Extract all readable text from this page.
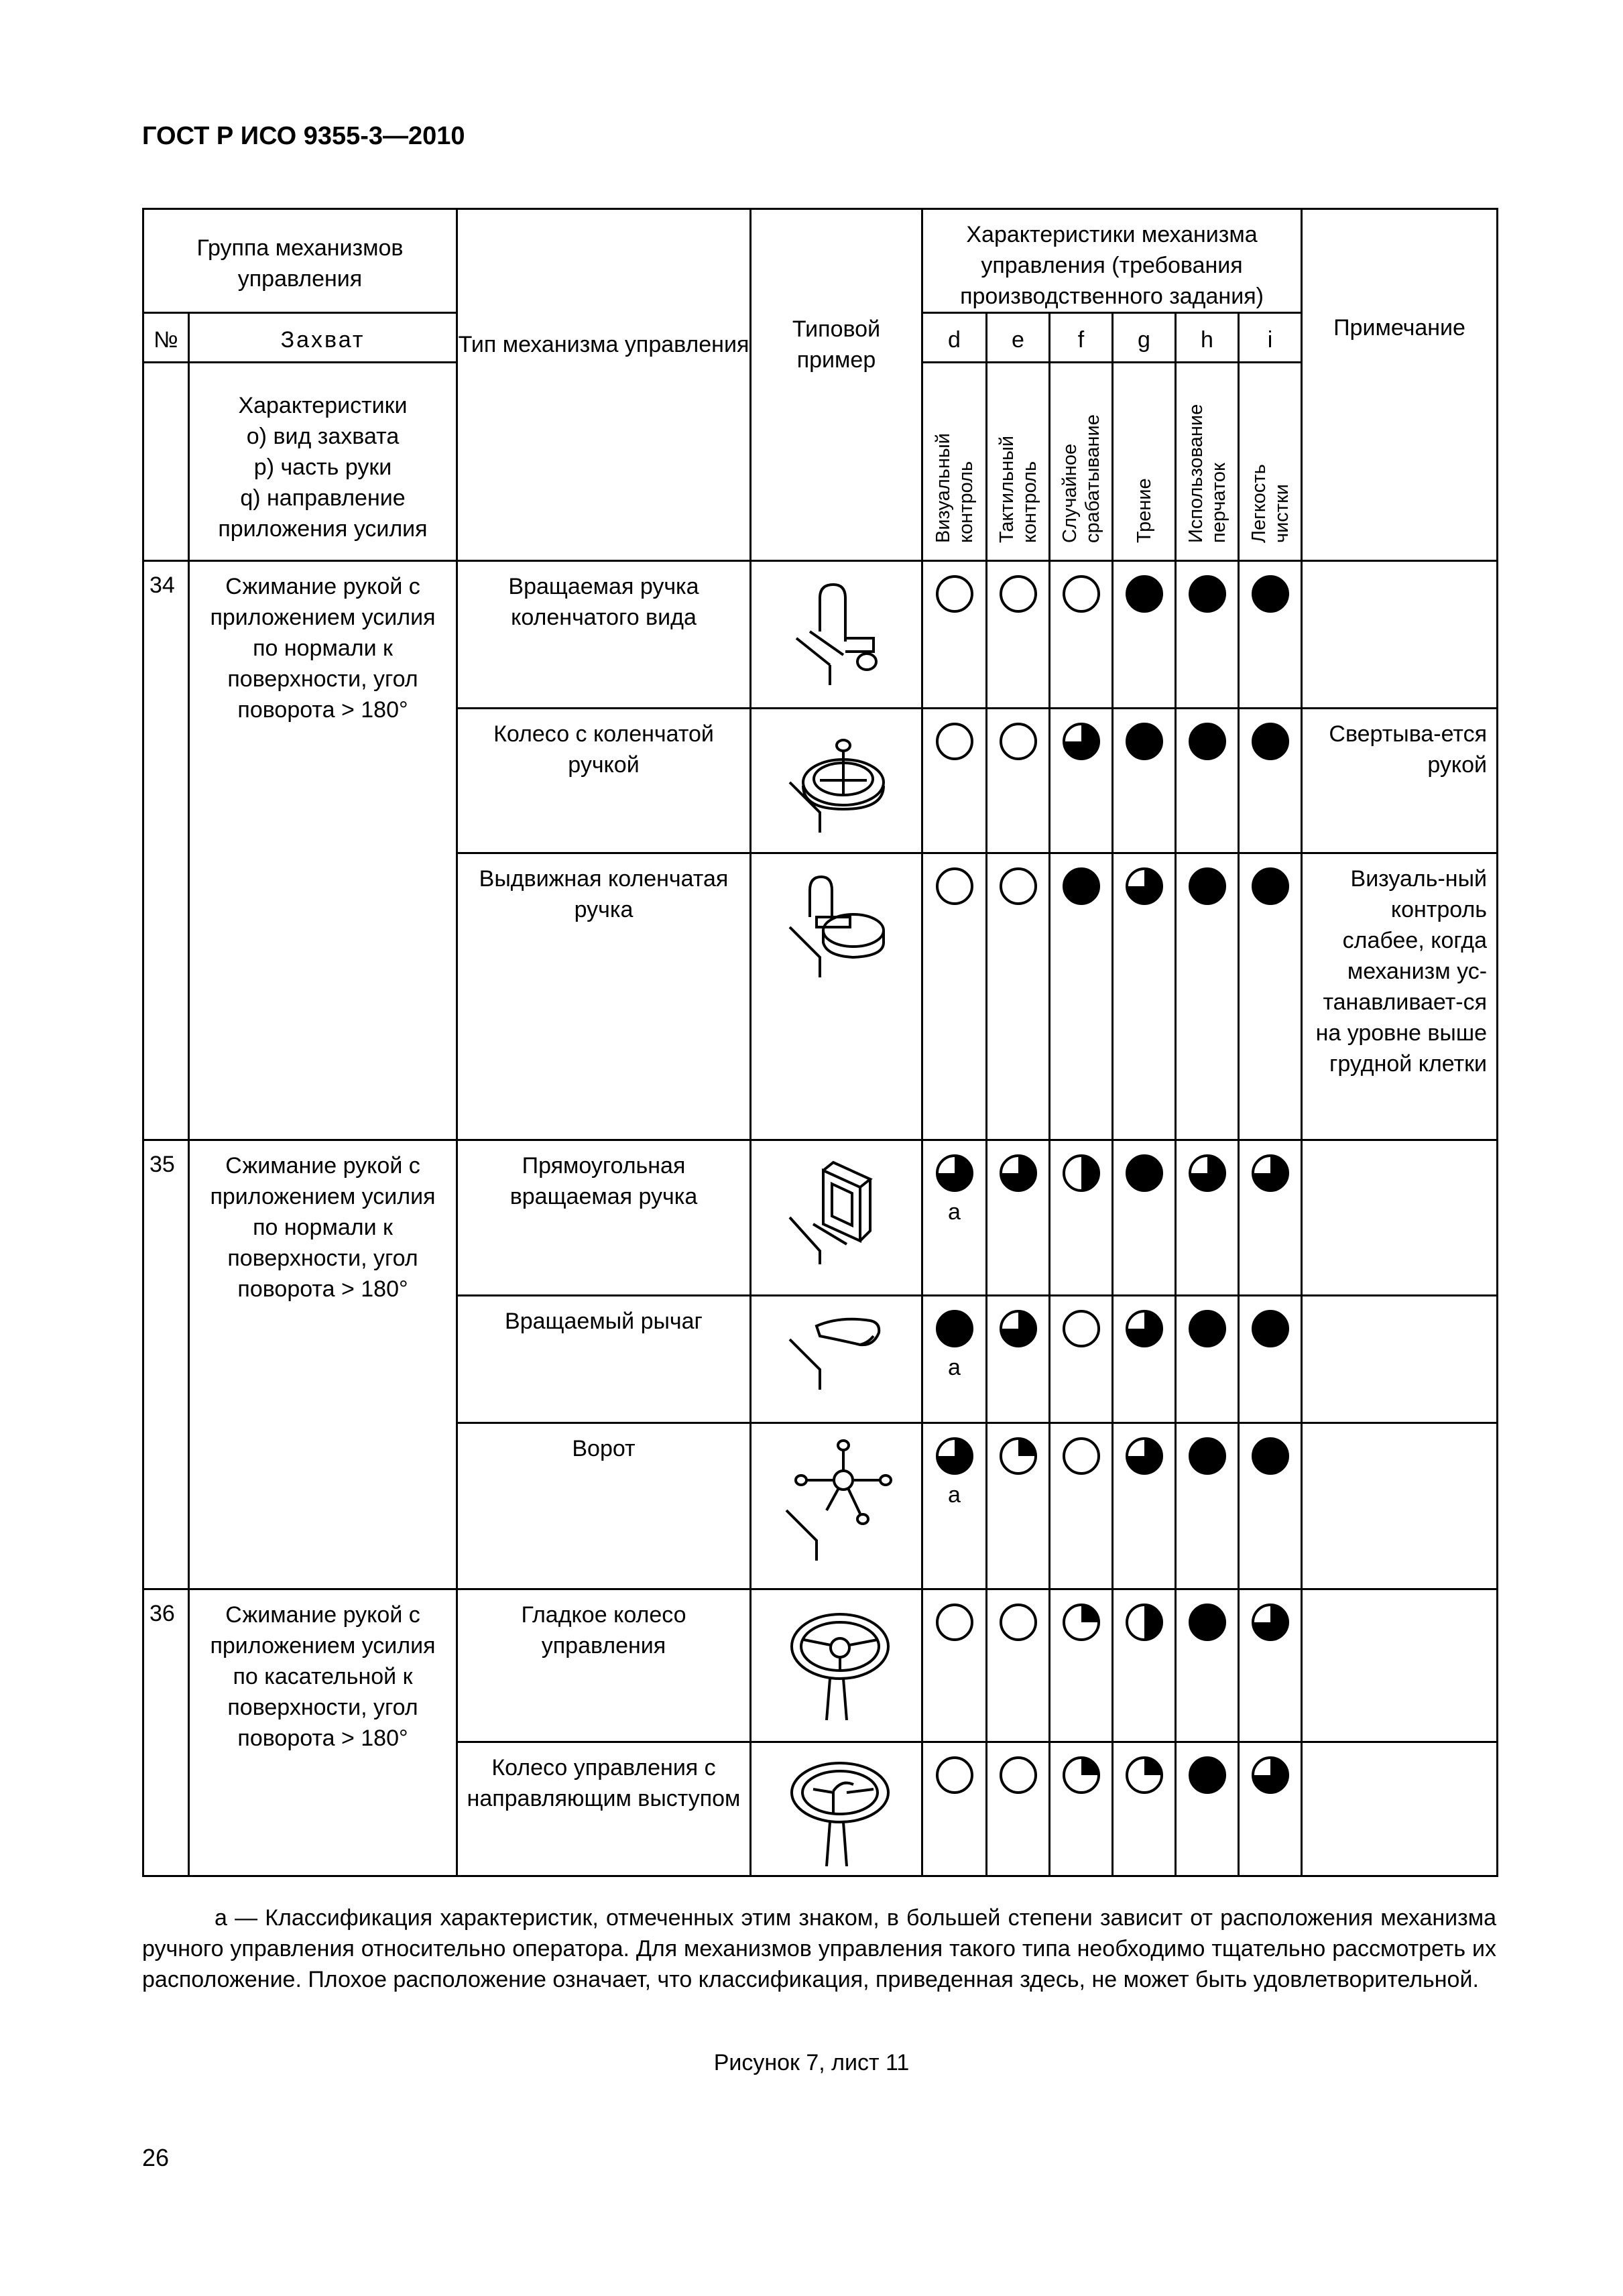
ГОСТ Р ИСО 9355-3—2010
Группа механизмов управления		Тип механизма управления	Типовой пример	Характеристики механизма управления (требования производственного задания)						Примечание
№	Захват			d	e	f	g	h	i	

	Характеристики
o) вид захвата
p) часть руки
q) направление
приложения усилия			Визуальный контроль	Тактильный контроль	Случайное срабатывание	Трение	Использование перчаток	Легкость чистки	

34	Сжимание рукой с приложением усилия по нормали к поверхности, угол поворота > 180°	Вращаемая ручка коленчатого вида		

		Колесо с коленчатой ручкой								Свертыва-ется рукой
		Выдвижная коленчатая ручка								Визуаль-ный контроль слабее, когда механизм ус-танавливает-ся на уровне выше грудной клетки
35	Сжимание рукой с приложением усилия по нормали к поверхности, угол поворота > 180°	Прямоугольная вращаемая ручка		a

		Вращаемый рычаг		a

		Ворот		a

36	Сжимание рукой с приложением усилия по касательной к поверхности, угол поворота > 180°	Гладкое колесо управления		

		Колесо управления с направляющим выступом		

a — Классификация характеристик, отмеченных этим знаком, в большей степени зависит от расположения механизма ручного управления относительно оператора. Для механизмов управления такого типа необходимо тщательно рассмотреть их расположение. Плохое расположение означает, что классификация, приведенная здесь, не может быть удовлетворительной.
Рисунок 7, лист 11
26
